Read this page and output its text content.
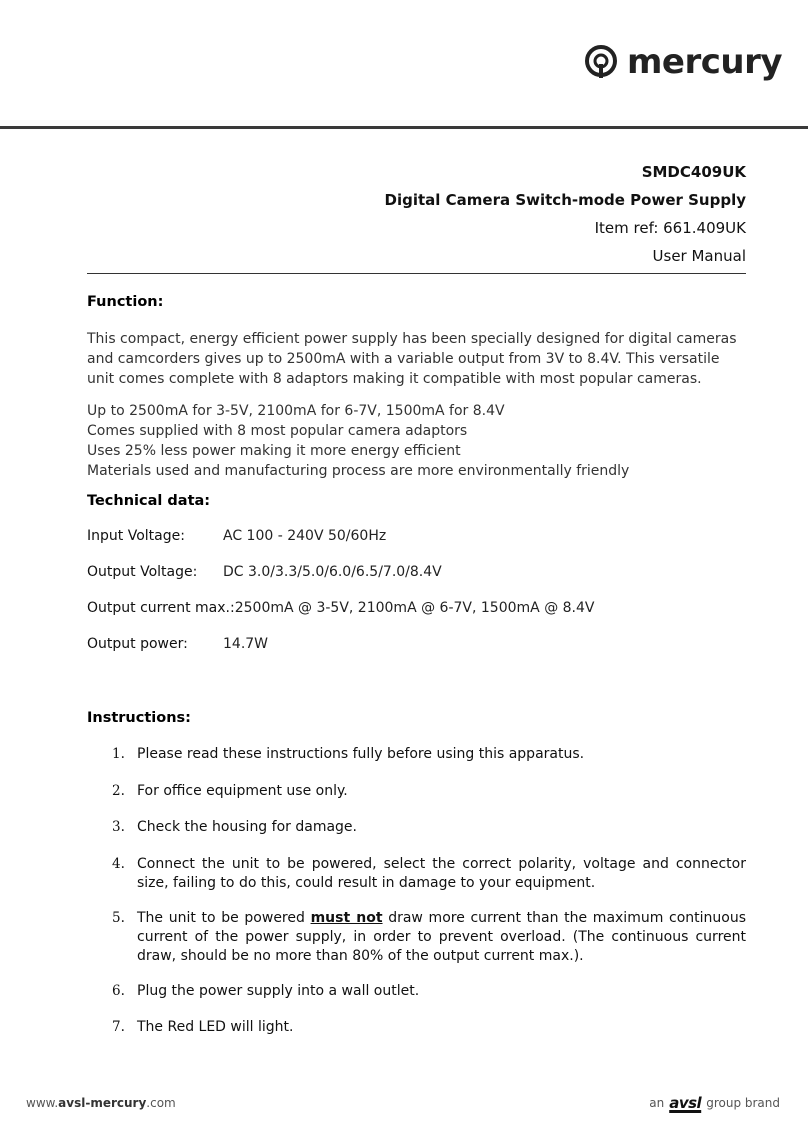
mercury
SMDC409UK
Digital Camera Switch-mode Power Supply
Item ref: 661.409UK
User Manual
Function:
This compact, energy efficient power supply has been specially designed for digital cameras and camcorders gives up to 2500mA with a variable output from 3V to 8.4V. This versatile unit comes complete with 8 adaptors making it compatible with most popular cameras.
Up to 2500mA for 3-5V, 2100mA for 6-7V, 1500mA for 8.4V
Comes supplied with 8 most popular camera adaptors
Uses 25% less power making it more energy efficient
Materials used and manufacturing process are more environmentally friendly
Technical data:
Input Voltage:	AC 100 - 240V 50/60Hz
Output Voltage:	DC 3.0/3.3/5.0/6.0/6.5/7.0/8.4V
Output current max.: 2500mA @ 3-5V, 2100mA @ 6-7V, 1500mA @ 8.4V
Output power:	14.7W
Instructions:
1. Please read these instructions fully before using this apparatus.
2. For office equipment use only.
3. Check the housing for damage.
4. Connect the unit to be powered, select the correct polarity, voltage and connector size, failing to do this, could result in damage to your equipment.
5. The unit to be powered must not draw more current than the maximum continuous current of the power supply, in order to prevent overload. (The continuous current draw, should be no more than 80% of the output current max.).
6. Plug the power supply into a wall outlet.
7. The Red LED will light.
www.avsl-mercury.com	an avsl group brand
